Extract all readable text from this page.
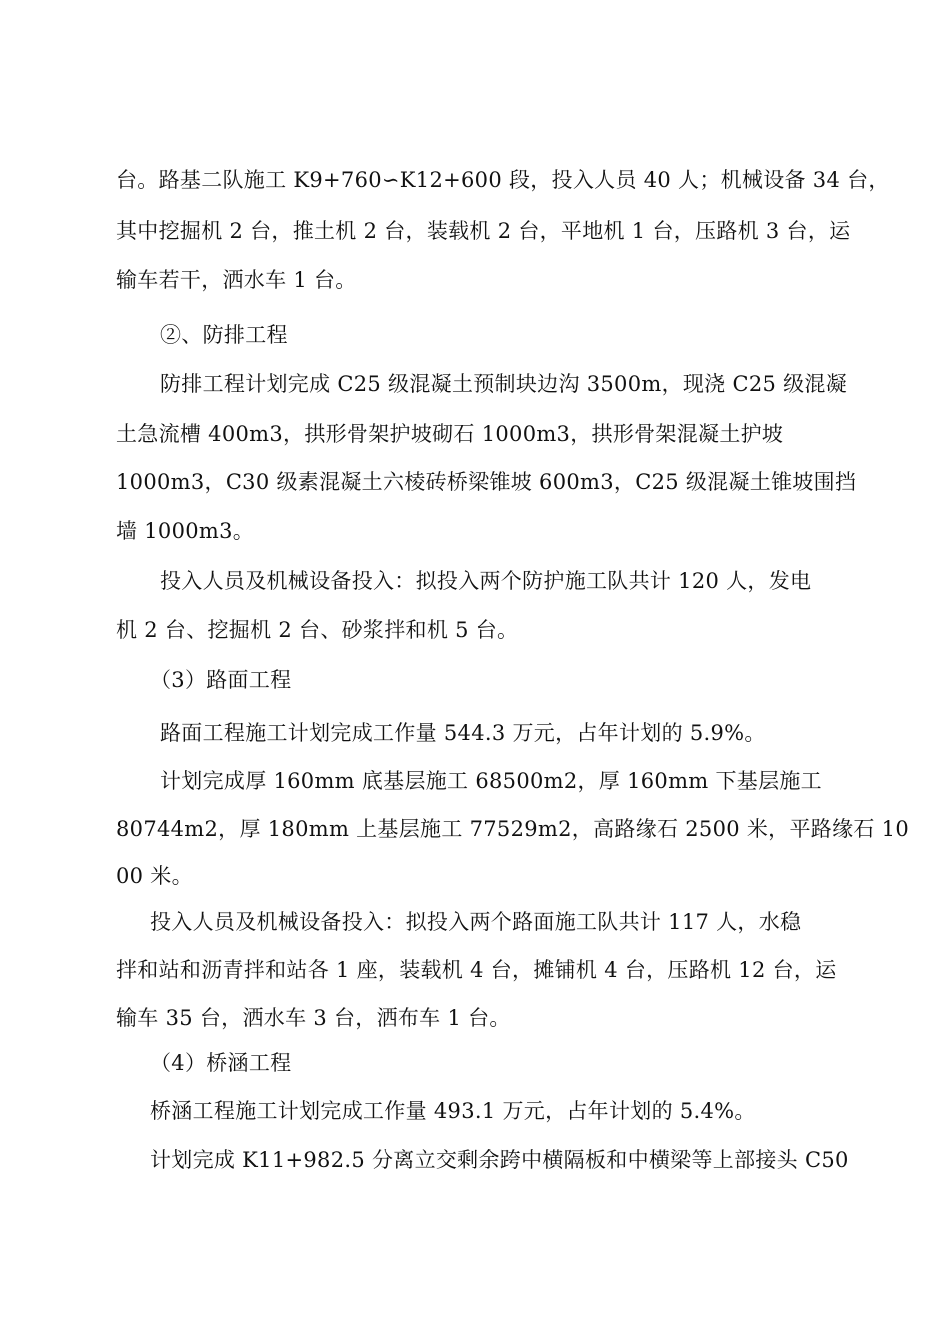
台。路基二队施工 K9+760∽K12+600 段，投入人员 40 人；机械设备 34 台，
其中挖掘机 2 台，推土机 2 台，装载机 2 台，平地机 1 台，压路机 3 台，运
输车若干，洒水车 1 台。
②、防排工程
防排工程计划完成 C25 级混凝土预制块边沟 3500m，现浇 C25 级混凝
土急流槽 400m3，拱形骨架护坡砌石 1000m3，拱形骨架混凝土护坡
1000m3，C30 级素混凝土六棱砖桥梁锥坡 600m3，C25 级混凝土锥坡围挡
墙 1000m3。
投入人员及机械设备投入：拟投入两个防护施工队共计 120 人，发电
机 2 台、挖掘机 2 台、砂浆拌和机 5 台。
（3）路面工程
路面工程施工计划完成工作量 544.3 万元，占年计划的 5.9%。
计划完成厚 160mm 底基层施工 68500m2，厚 160mm 下基层施工
80744m2，厚 180mm 上基层施工 77529m2，高路缘石 2500 米，平路缘石 10
00 米。
投入人员及机械设备投入：拟投入两个路面施工队共计 117 人，水稳
拌和站和沥青拌和站各 1 座，装载机 4 台，摊铺机 4 台，压路机 12 台，运
输车 35 台，洒水车 3 台，洒布车 1 台。
（4）桥涵工程
桥涵工程施工计划完成工作量 493.1 万元，占年计划的 5.4%。
计划完成 K11+982.5 分离立交剩余跨中横隔板和中横梁等上部接头 C50
